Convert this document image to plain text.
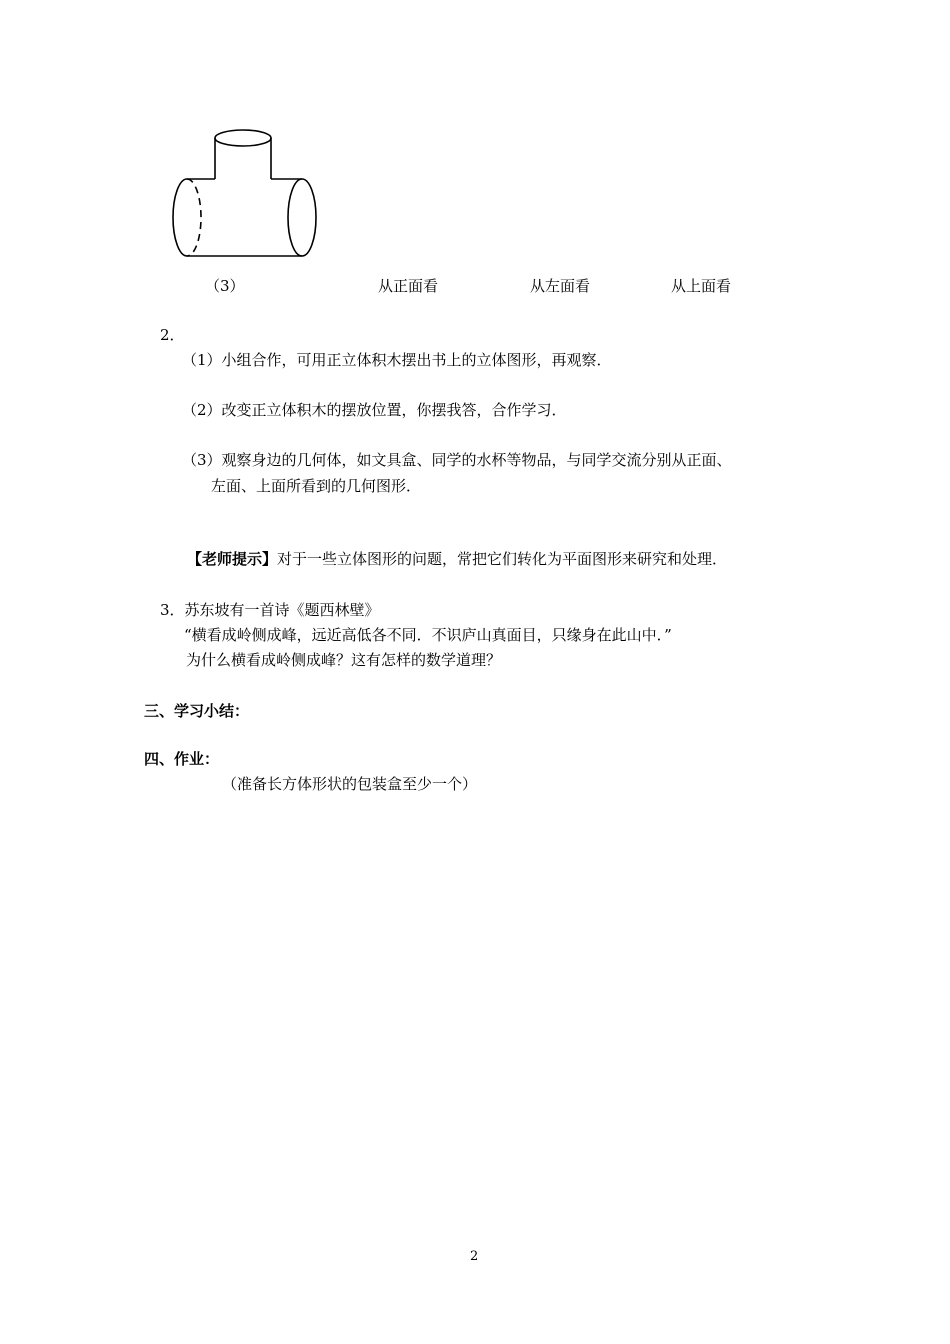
（3）	从正面看	从左面看	从上面看
2．
（1）小组合作，可用正立体积木摆出书上的立体图形，再观察．
（2）改变正立体积木的摆放位置，你摆我答，合作学习．
（3）观察身边的几何体，如文具盒、同学的水杯等物品，与同学交流分别从正面、
左面、上面所看到的几何图形．
【老师提示】对于一些立体图形的问题，常把它们转化为平面图形来研究和处理．
3．苏东坡有一首诗《题西林壁》
“横看成岭侧成峰，远近高低各不同．不识庐山真面目，只缘身在此山中．”
为什么横看成岭侧成峰？这有怎样的数学道理？
三、学习小结：
四、作业：
（准备长方体形状的包装盒至少一个）
2
